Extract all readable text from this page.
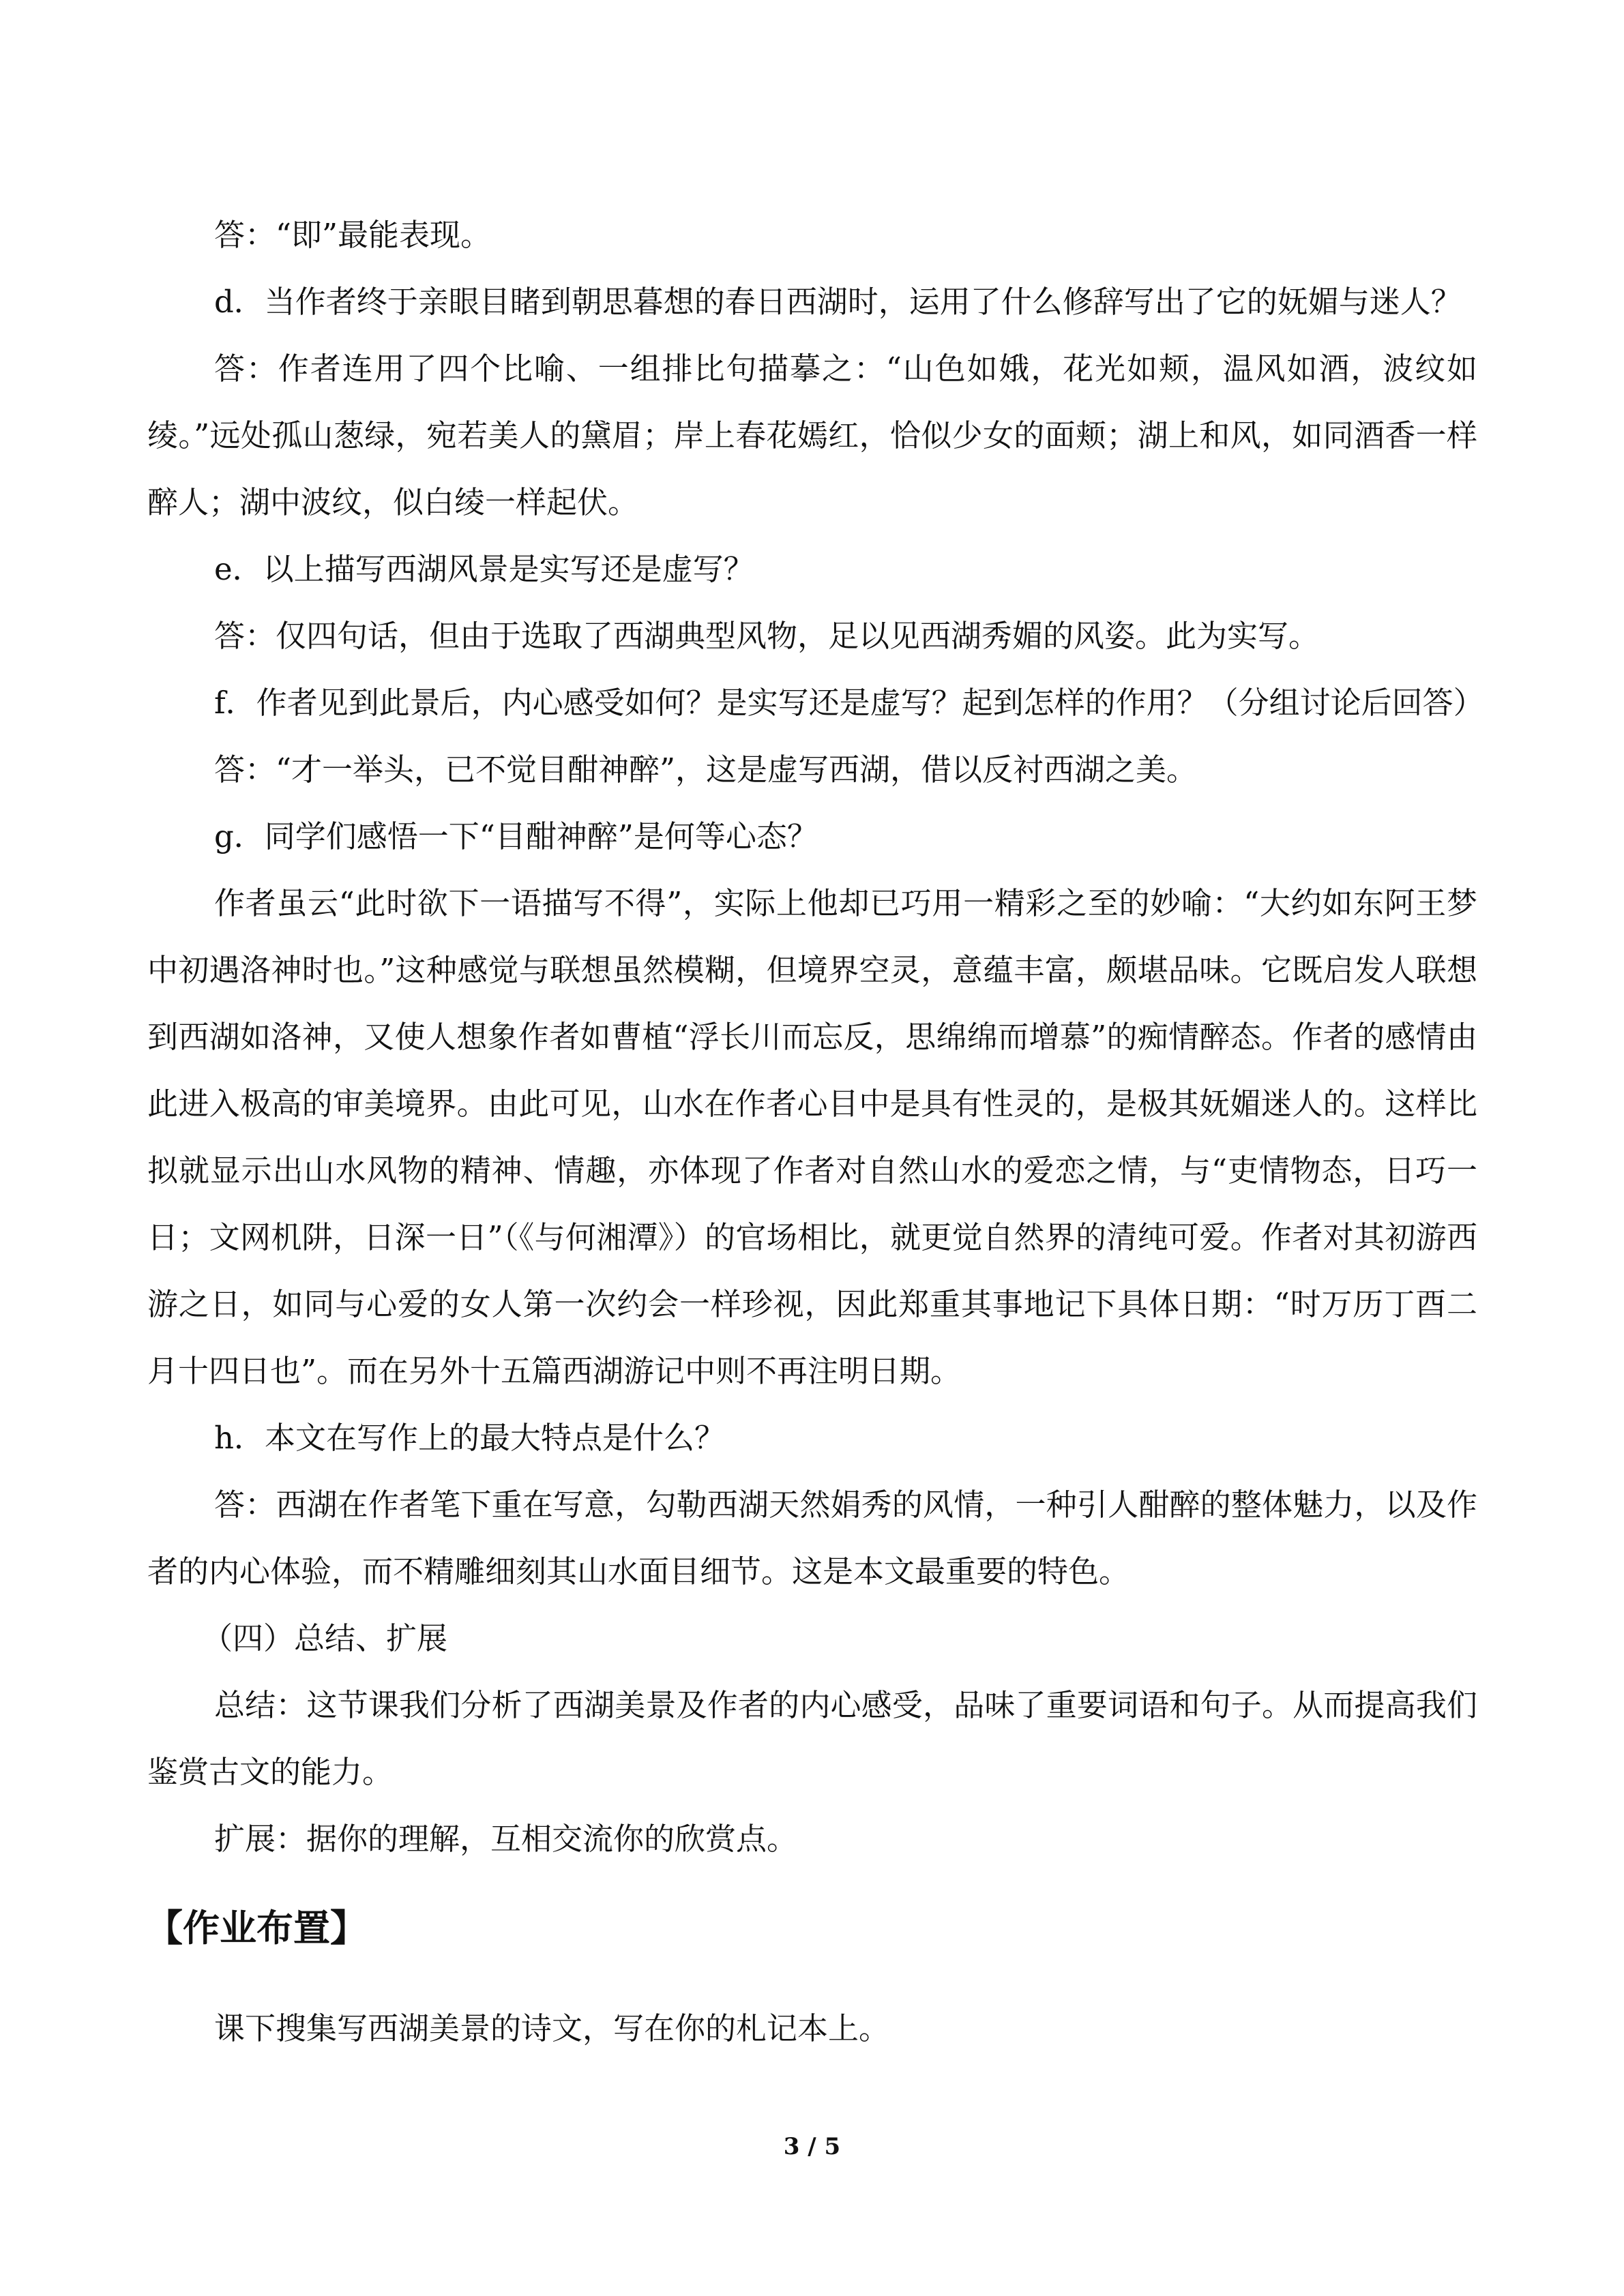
答：“即”最能表现。

d．当作者终于亲眼目睹到朝思暮想的春日西湖时，运用了什么修辞写出了它的妩媚与迷人？

答：作者连用了四个比喻、一组排比句描摹之：“山色如娥，花光如颊，温风如酒，波纹如绫。”远处孤山葱绿，宛若美人的黛眉；岸上春花嫣红，恰似少女的面颊；湖上和风，如同酒香一样醉人；湖中波纹，似白绫一样起伏。

e．以上描写西湖风景是实写还是虚写？

答：仅四句话，但由于选取了西湖典型风物，足以见西湖秀媚的风姿。此为实写。

f．作者见到此景后，内心感受如何？是实写还是虚写？起到怎样的作用？（分组讨论后回答）

答：“才一举头，已不觉目酣神醉”，这是虚写西湖，借以反衬西湖之美。

g．同学们感悟一下“目酣神醉”是何等心态？

作者虽云“此时欲下一语描写不得”，实际上他却已巧用一精彩之至的妙喻：“大约如东阿王梦中初遇洛神时也。”这种感觉与联想虽然模糊，但境界空灵，意蕴丰富，颇堪品味。它既启发人联想到西湖如洛神，又使人想象作者如曹植“浮长川而忘反，思绵绵而增慕”的痴情醉态。作者的感情由此进入极高的审美境界。由此可见，山水在作者心目中是具有性灵的，是极其妩媚迷人的。这样比拟就显示出山水风物的精神、情趣，亦体现了作者对自然山水的爱恋之情，与“吏情物态，日巧一日；文网机阱，日深一日”（《与何湘潭》）的官场相比，就更觉自然界的清纯可爱。作者对其初游西游之日，如同与心爱的女人第一次约会一样珍视，因此郑重其事地记下具体日期：“时万历丁酉二月十四日也”。而在另外十五篇西湖游记中则不再注明日期。

h．本文在写作上的最大特点是什么？

答：西湖在作者笔下重在写意，勾勒西湖天然娟秀的风情，一种引人酣醉的整体魅力，以及作者的内心体验，而不精雕细刻其山水面目细节。这是本文最重要的特色。

（四）总结、扩展

总结：这节课我们分析了西湖美景及作者的内心感受，品味了重要词语和句子。从而提高我们鉴赏古文的能力。

扩展：据你的理解，互相交流你的欣赏点。

【作业布置】

课下搜集写西湖美景的诗文，写在你的札记本上。

3 / 5
